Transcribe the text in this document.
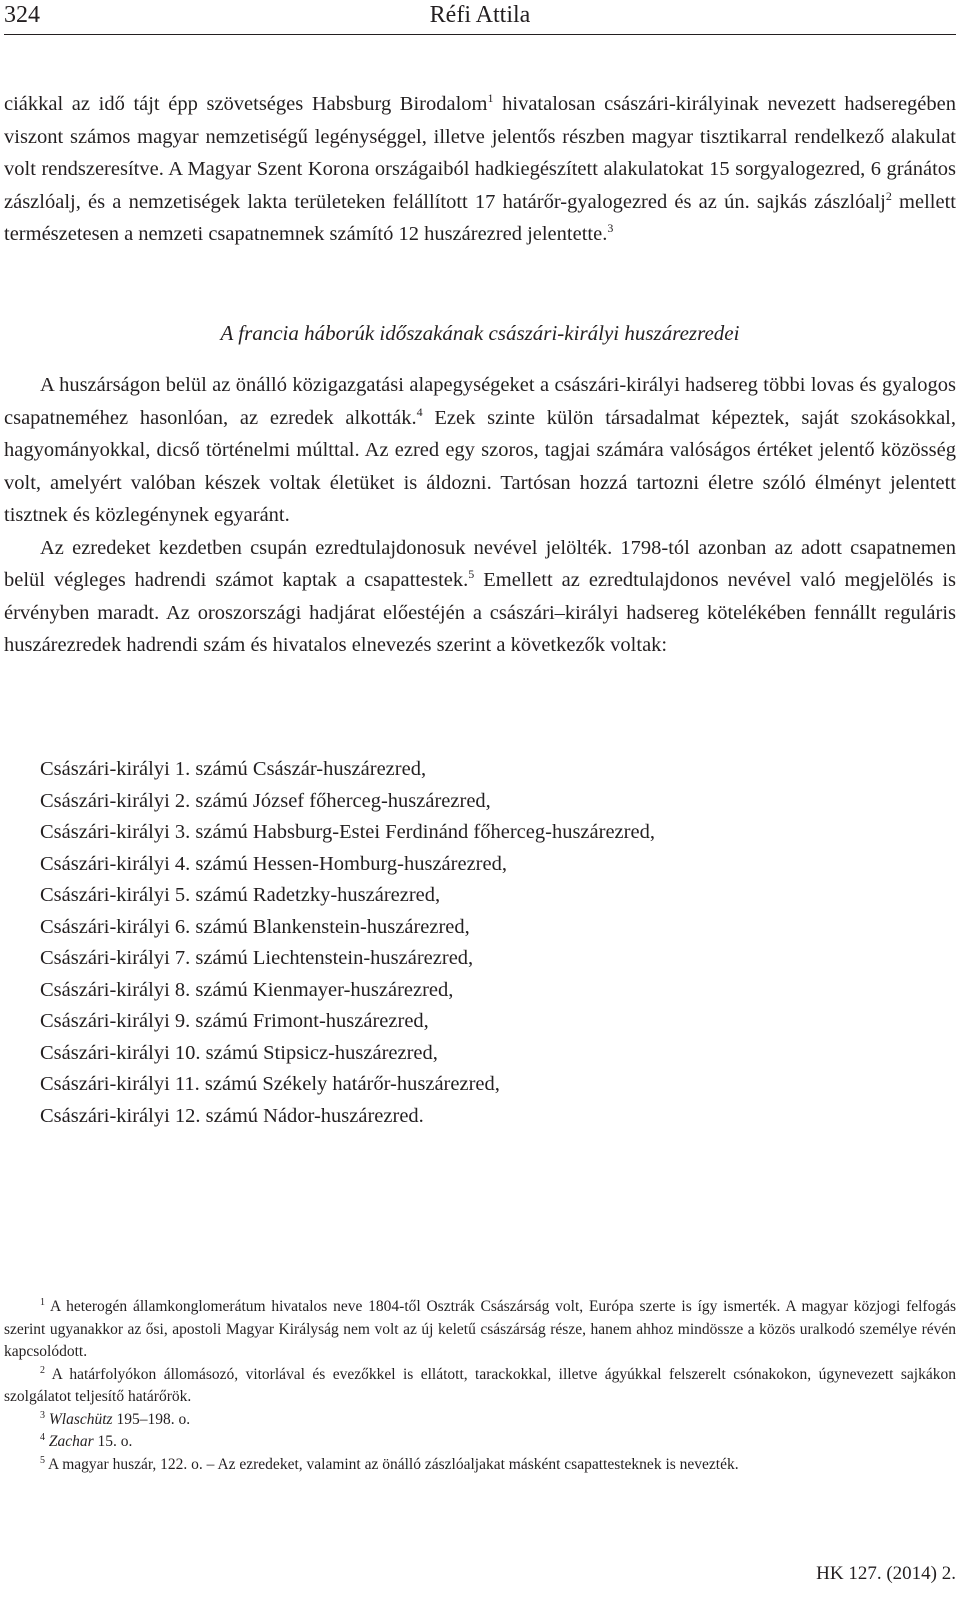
324	Réfi Attila

ciákkal az idő tájt épp szövetséges Habsburg Birodalom$^1$ hivatalosan császári-királyinak nevezett hadseregében viszont számos magyar nemzetiségű legénységgel, illetve jelentős részben magyar tisztikarral rendelkező alakulat volt rendszeresítve. A Magyar Szent Korona országaiból hadkiegészített alakulatokat 15 sorgyalogezred, 6 gránátos zászlóalj, és a nemzetiségek lakta területeken felállított 17 határőr-gyalogezred és az ún. sajkás zászlóalj$^2$ mellett természetesen a nemzeti csapatnemnek számító 12 huszárezred jelentette.$^3$

A francia háborúk időszakának császári-királyi huszárezredei

A huszárságon belül az önálló közigazgatási alapegységeket a császári-királyi hadsereg többi lovas és gyalogos csapatneméhez hasonlóan, az ezredek alkották.$^4$ Ezek szinte külön társadalmat képeztek, saját szokásokkal, hagyományokkal, dicső történelmi múlttal. Az ezred egy szoros, tagjai számára valóságos értéket jelentő közösség volt, amelyért valóban készek voltak életüket is áldozni. Tartósan hozzá tartozni életre szóló élményt jelentett tisztnek és közlegénynek egyaránt.

Az ezredeket kezdetben csupán ezredtulajdonosuk nevével jelölték. 1798-tól azonban az adott csapatnemen belül végleges hadrendi számot kaptak a csapattestek.$^5$ Emellett az ezredtulajdonos nevével való megjelölés is érvényben maradt. Az oroszországi hadjárat előestéjén a császári–királyi hadsereg kötelékében fennállt reguláris huszárezredek hadrendi szám és hivatalos elnevezés szerint a következők voltak:

Császári-királyi 1. számú Császár-huszárezred,
Császári-királyi 2. számú József főherceg-huszárezred,
Császári-királyi 3. számú Habsburg-Estei Ferdinánd főherceg-huszárezred,
Császári-királyi 4. számú Hessen-Homburg-huszárezred,
Császári-királyi 5. számú Radetzky-huszárezred,
Császári-királyi 6. számú Blankenstein-huszárezred,
Császári-királyi 7. számú Liechtenstein-huszárezred,
Császári-királyi 8. számú Kienmayer-huszárezred,
Császári-királyi 9. számú Frimont-huszárezred,
Császári-királyi 10. számú Stipsicz-huszárezred,
Császári-királyi 11. számú Székely határőr-huszárezred,
Császári-királyi 12. számú Nádor-huszárezred.

$^1$ A heterogén államkonglomerátum hivatalos neve 1804-től Osztrák Császárság volt, Európa szerte is így ismerték. A magyar közjogi felfogás szerint ugyanakkor az ősi, apostoli Magyar Királyság nem volt az új keletű császárság része, hanem ahhoz mindössze a közös uralkodó személye révén kapcsolódott.

$^2$ A határfolyókon állomásozó, vitorlával és evezőkkel is ellátott, tarackokkal, illetve ágyúkkal felszerelt csónakokon, úgynevezett sajkákon szolgálatot teljesítő határőrök.

$^3$ Wlaschütz 195–198. o.

$^4$ Zachar 15. o.

$^5$ A magyar huszár, 122. o. – Az ezredeket, valamint az önálló zászlóaljakat másként csapattesteknek is nevezték.

HK 127. (2014) 2.
